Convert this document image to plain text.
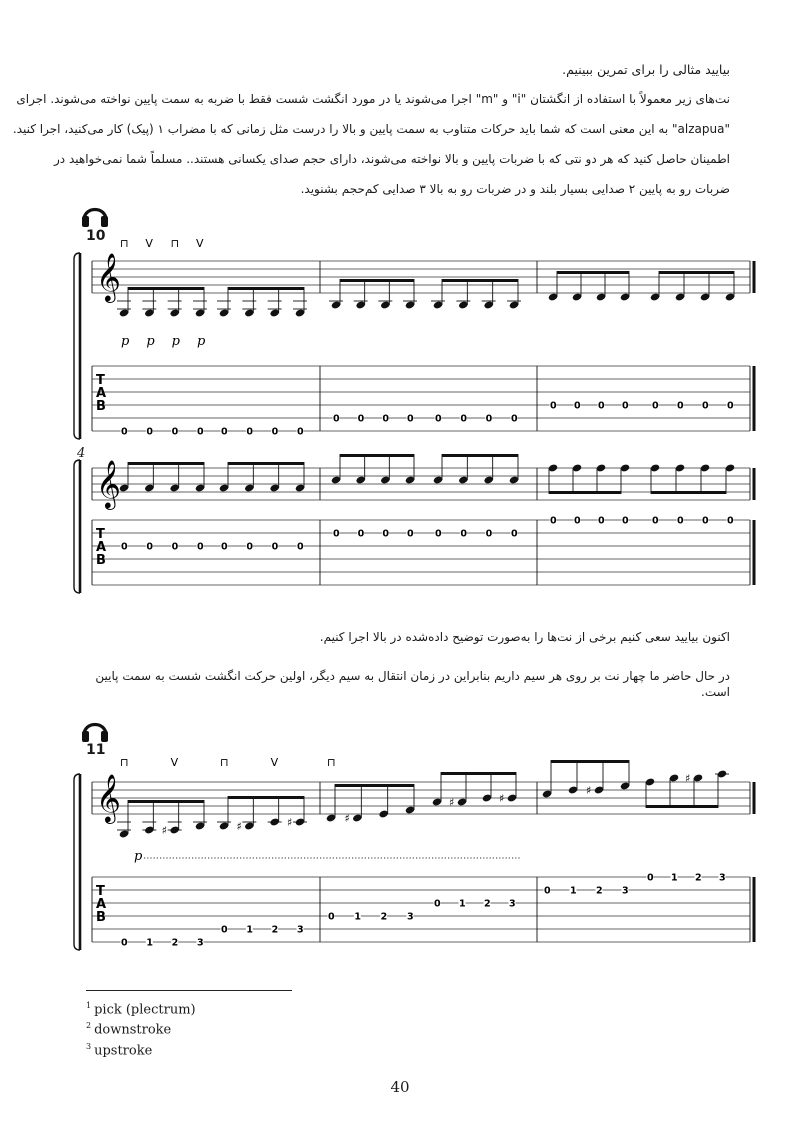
بیایید مثالی را برای تمرین ببینیم.
نت‌های زیر معمولاً با استفاده از انگشتان "i" و "m" اجرا می‌شوند یا در مورد انگشت شست فقط با ضربه به سمت پایین نواخته می‌شوند. اجرای
"alzapua" به این معنی است که شما باید حرکات متناوب به سمت پایین و بالا را درست مثل زمانی که با مضراب ۱ (پیک) کار می‌کنید، اجرا کنید.
اطمینان حاصل کنید که هر دو نتی که با ضربات پایین و بالا نواخته می‌شوند، دارای حجم صدای یکسانی هستند.. مسلماً شما نمی‌خواهید در
ضربات رو به پایین ۲ صدایی بسیار بلند و در ضربات رو به بالا ۳ صدایی کم‌حجم بشنوید.
10
𝄞
T
A
B
0 0 0 0 0 0 0 0
0 0 0 0 0 0 0 0
0 0 0 0 0 0 0 0
⊓ V ⊓ V
p p p p
4
𝄞
T
A
B
0 0 0 0 0 0 0 0
0 0 0 0 0 0 0 0
0 0 0 0 0 0 0 0
اکنون بیایید سعی کنیم برخی از نت‌ها را به‌صورت توضیح داده‌شده در بالا اجرا کنیم.
در حال حاضر ما چهار نت بر روی هر سیم داریم بنابراین در زمان انتقال به سیم دیگر، اولین حرکت انگشت شست به سمت پایین است.
11
𝄞
T
A
B
♯	♯	♯	♯
♯	♯
♯
♯
0 1 2 3
0 1 2 3
0 1 2 3
0 1 2 3
0 1 2 3
0 1 2 3
⊓	V	⊓	V	⊓
p
$^1$ pick (plectrum)
$^2$ downstroke
$^3$ upstroke
40
